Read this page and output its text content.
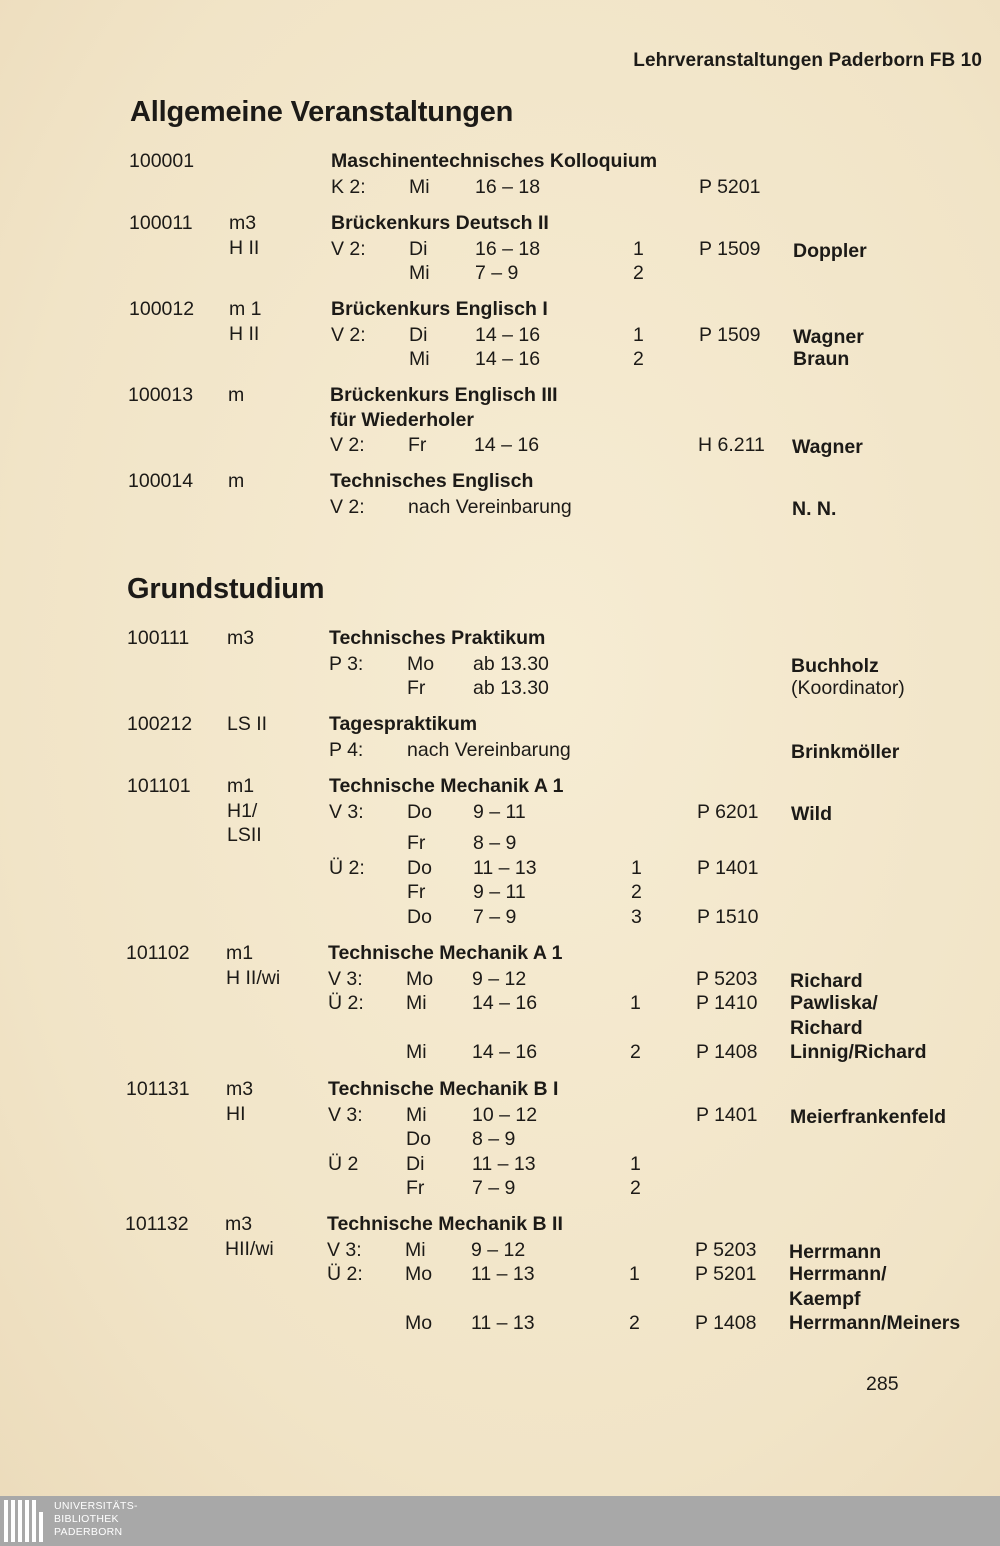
Lehrveranstaltungen Paderborn FB 10
Allgemeine Veranstaltungen
100001	Maschinentechnisches Kolloquium
K 2: Mi 16 – 18	P 5201
100011 m3
H II
Brückenkurs Deutsch II
V 2: Di 16 – 18	1	P 1509 Doppler
Mi 7 – 9	2
100012 m 1
H II
Brückenkurs Englisch I
V 2: Di 14 – 16	1	P 1509 Wagner
Mi 14 – 16	2	Braun
100013 m	Brückenkurs Englisch III
für Wiederholer
V 2: Fr 14 – 16	H 6.211 Wagner
100014 m	Technisches Englisch
V 2: nach Vereinbarung	N. N.
Grundstudium
100111 m3	Technisches Praktikum
P 3: Mo ab 13.30	Buchholz
Fr ab 13.30	(Koordinator)
100212 LS II	Tagespraktikum
P 4: nach Vereinbarung	Brinkmöller
101101 m1
H1/
LSII
Technische Mechanik A 1
V 3: Do 9 – 11	P 6201 Wild
Fr 8 – 9
Ü 2: Do 11 – 13	1	P 1401
Fr 9 – 11	2
Do 7 – 9	3	P 1510
101102 m1
H II/wi
Technische Mechanik A 1
V 3: Mo 9 – 12	P 5203 Richard
Ü 2: Mi 14 – 16	1	P 1410 Pawliska/
Richard
Mi 14 – 16	2	P 1408 Linnig/Richard
101131 m3
HI
Technische Mechanik B I
V 3: Mi 10 – 12	P 1401 Meierfrankenfeld
Do 8 – 9
Ü 2 Di 11 – 13	1
Fr 7 – 9	2
101132 m3
HII/wi
Technische Mechanik B II
V 3: Mi 9 – 12	P 5203 Herrmann
Ü 2: Mo 11 – 13	1	P 5201 Herrmann/
Kaempf
Mo 11 – 13	2	P 1408 Herrmann/Meiners
285
UNIVERSITÄTS-
BIBLIOTHEK
PADERBORN
